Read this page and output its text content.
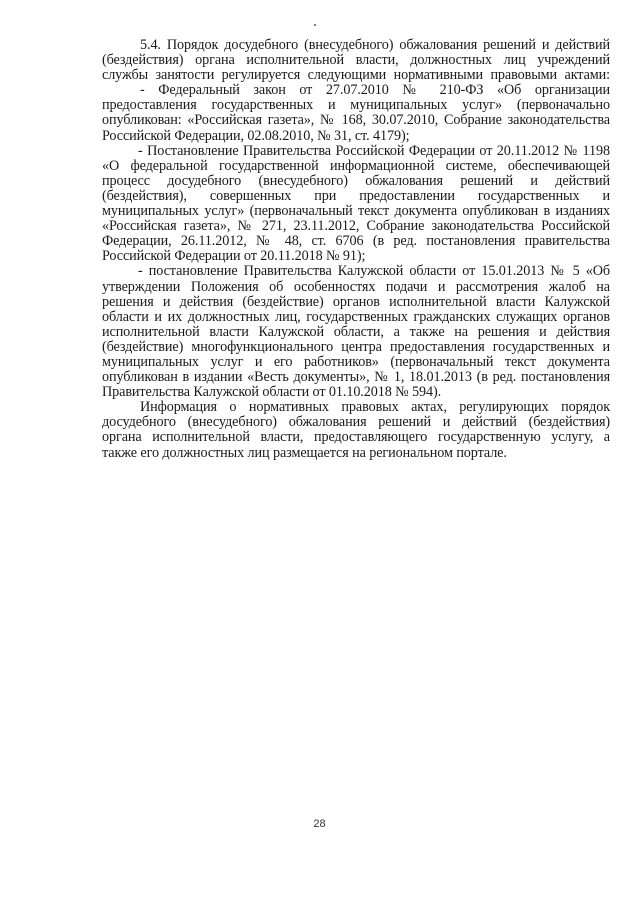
5.4. Порядок досудебного (внесудебного) обжалования решений и действий
(бездействия) органа исполнительной власти, должностных лиц учреждений
службы занятости регулируется следующими нормативными правовыми актами:
- Федеральный закон от 27.07.2010 № 210-ФЗ «Об организации
предоставления государственных и муниципальных услуг» (первоначально
опубликован: «Российская газета», № 168, 30.07.2010, Собрание законодательства
Российской Федерации, 02.08.2010, № 31, ст. 4179);
- Постановление Правительства Российской Федерации от 20.11.2012 № 1198
«О федеральной государственной информационной системе, обеспечивающей
процесс досудебного (внесудебного) обжалования решений и действий
(бездействия), совершенных при предоставлении государственных и
муниципальных услуг» (первоначальный текст документа опубликован в изданиях
«Российская газета», № 271, 23.11.2012, Собрание законодательства Российской
Федерации, 26.11.2012, № 48, ст. 6706 (в ред. постановления правительства
Российской Федерации от 20.11.2018 № 91);
- постановление Правительства Калужской области от 15.01.2013 № 5 «Об
утверждении Положения об особенностях подачи и рассмотрения жалоб на
решения и действия (бездействие) органов исполнительной власти Калужской
области и их должностных лиц, государственных гражданских служащих органов
исполнительной власти Калужской области, а также на решения и действия
(бездействие) многофункционального центра предоставления государственных и
муниципальных услуг и его работников» (первоначальный текст документа
опубликован в издании «Весть документы», № 1, 18.01.2013 (в ред. постановления
Правительства Калужской области от 01.10.2018 № 594).
Информация о нормативных правовых актах, регулирующих порядок
досудебного (внесудебного) обжалования решений и действий (бездействия)
органа исполнительной власти, предоставляющего государственную услугу, а
также его должностных лиц размещается на региональном портале.
28
